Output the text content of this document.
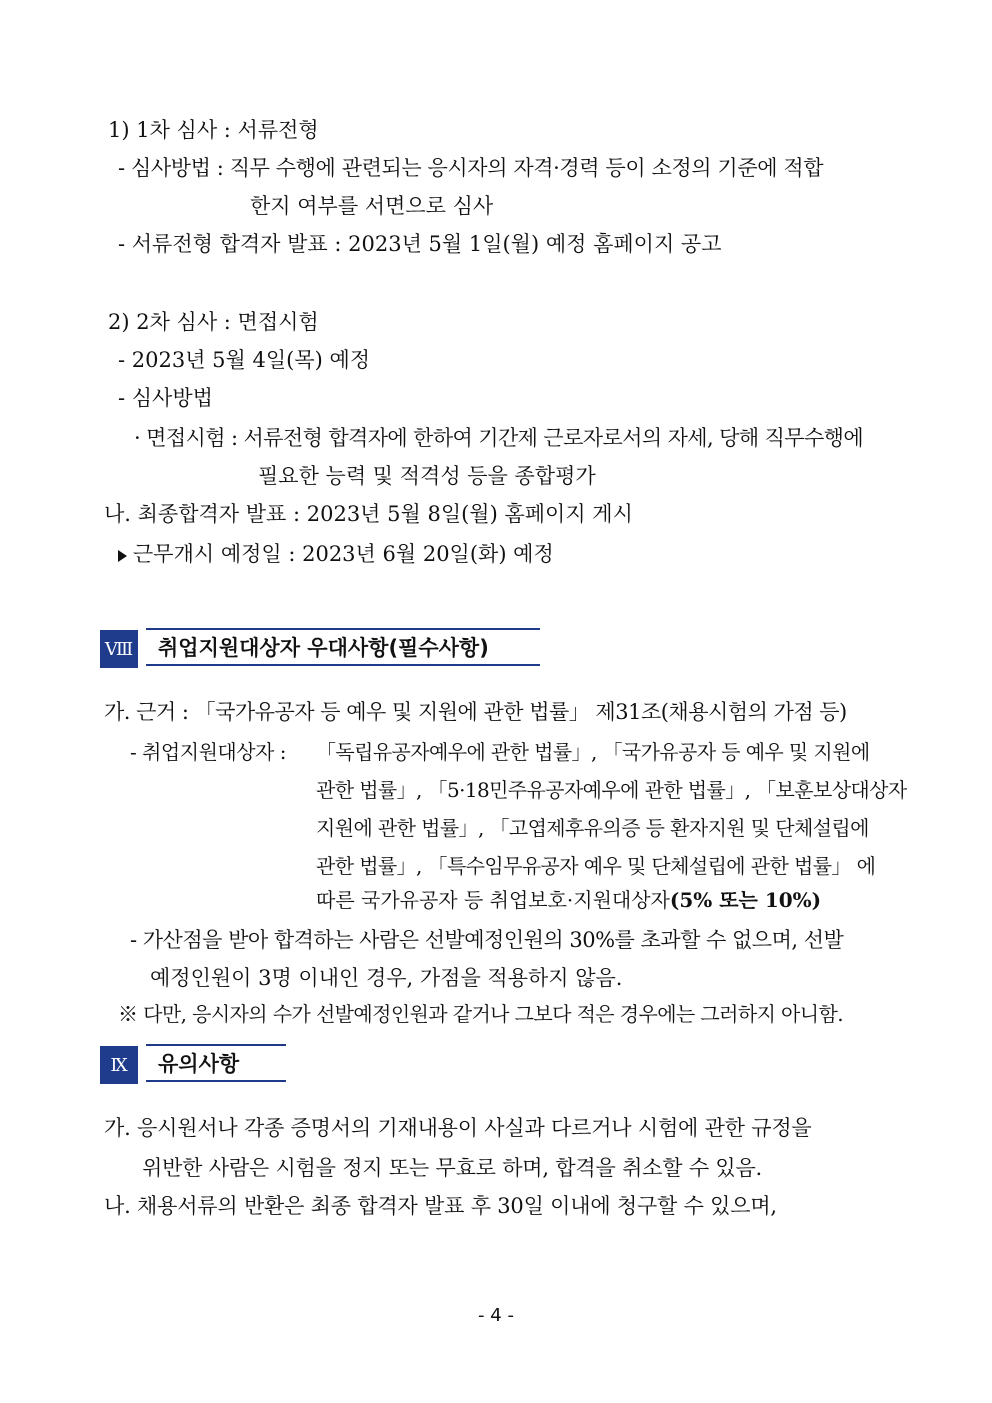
1) 1차 심사 : 서류전형
- 심사방법 : 직무 수행에 관련되는 응시자의 자격·경력 등이 소정의 기준에 적합
한지 여부를 서면으로 심사
- 서류전형 합격자 발표 : 2023년 5월 1일(월) 예정 홈페이지 공고
2) 2차 심사 : 면접시험
- 2023년 5월 4일(목) 예정
- 심사방법
· 면접시험 : 서류전형 합격자에 한하여 기간제 근로자로서의 자세, 당해 직무수행에
필요한 능력 및 적격성 등을 종합평가
나. 최종합격자 발표 : 2023년 5월 8일(월) 홈페이지 게시
근무개시 예정일 : 2023년 6월 20일(화) 예정
Ⅷ	취업지원대상자 우대사항(필수사항)
가. 근거 : 「국가유공자 등 예우 및 지원에 관한 법률」 제31조(채용시험의 가점 등)
- 취업지원대상자 : 「독립유공자예우에 관한 법률」, 「국가유공자 등 예우 및 지원에
관한 법률」, 「5·18민주유공자예우에 관한 법률」, 「보훈보상대상자
지원에 관한 법률」, 「고엽제후유의증 등 환자지원 및 단체설립에
관한 법률」, 「특수임무유공자 예우 및 단체설립에 관한 법률」 에
따른 국가유공자 등 취업보호·지원대상자(5% 또는 10%)
- 가산점을 받아 합격하는 사람은 선발예정인원의 30%를 초과할 수 없으며, 선발
예정인원이 3명 이내인 경우, 가점을 적용하지 않음.
※ 다만, 응시자의 수가 선발예정인원과 같거나 그보다 적은 경우에는 그러하지 아니함.
Ⅸ	유의사항
가. 응시원서나 각종 증명서의 기재내용이 사실과 다르거나 시험에 관한 규정을
위반한 사람은 시험을 정지 또는 무효로 하며, 합격을 취소할 수 있음.
나. 채용서류의 반환은 최종 합격자 발표 후 30일 이내에 청구할 수 있으며,
- 4 -
